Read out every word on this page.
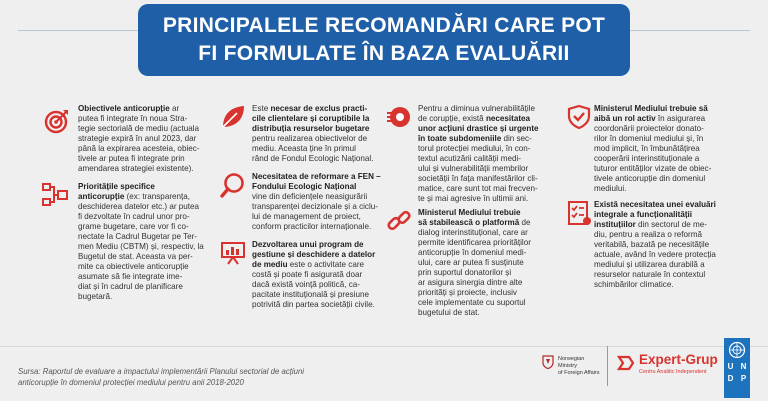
PRINCIPALELE RECOMANDĂRI CARE POT
FI FORMULATE ÎN BAZA EVALUĂRII
Obiectivele anticorupție ar
putea fi integrate în noua Stra-
tegie sectorială de mediu (actuala
strategie expiră în anul 2023, dar
până la expirarea acesteia, obiec-
tivele ar putea fi integrate prin
amendarea strategiei existente).
Prioritățile specifice
anticorupție (ex: transparența,
deschiderea datelor etc.) ar putea
fi dezvoltate în cadrul unor pro-
grame bugetare, care vor fi co-
nectate la Cadrul Bugetar pe Ter-
men Mediu (CBTM) și, respectiv, la
Bugetul de stat. Aceasta va per-
mite ca obiectivele anticorupție
asumate să fie integrate ime-
diat și în cadrul de planificare
bugetară.
Este necesar de exclus practi-
cile clientelare și coruptibile la
distribuția resurselor bugetare
pentru realizarea obiectivelor de
mediu. Aceasta ține în primul
rând de Fondul Ecologic Național.
Necesitatea de reformare a FEN –
Fondului Ecologic Național
vine din deficiențele neasigurării
transparenței decizionale și a ciclu-
lui de management de proiect,
conform practicilor internaționale.
Dezvoltarea unui program de
gestiune și deschidere a datelor
de mediu este o activitate care
costă și poate fi asigurată doar
dacă există voință politică, ca-
pacitate instituțională și presiune
potrivită din partea societății civile.
Pentru a diminua vulnerabilitățile
de corupție, există necesitatea
unor acțiuni drastice și urgente
în toate subdomeniile din sec-
torul protecției mediului, în con-
textul acutizării calității medi-
ului și vulnerabilității membrilor
societății în fața manifestărilor cli-
matice, care sunt tot mai frecven-
te și mai agresive în ultimii ani.
Ministerul Mediului trebuie
să stabilească o platformă de
dialog interinstituțional, care ar
permite identificarea priorităților
anticorupție în domeniul medi-
ului, care ar putea fi susținute
prin suportul donatorilor și
ar asigura sinergia dintre alte
priorități și proiecte, inclusiv
cele implementate cu suportul
bugetului de stat.
Ministerul Mediului trebuie să
aibă un rol activ în asigurarea
coordonării proiectelor donato-
rilor în domeniul mediului și, în
mod implicit, în îmbunătățirea
cooperării interinstituționale a
tuturor entităților vizate de obiec-
tivele anticorupție din domeniul
mediului.
Există necesitatea unei evaluări
integrale a funcționalității
instituțiilor din sectorul de me-
diu, pentru a realiza o reformă
veritabilă, bazată pe necesitățile
actuale, având în vedere protecția
mediului și utilizarea durabilă a
resurselor naturale în contextul
schimbărilor climatice.
Sursa: Raportul de evaluare a impactului implementării Planului sectorial de acțiuni
anticorupție în domeniul protecției mediului pentru anii 2018-2020
Norwegian Ministry
of Foreign Affairs
Expert-Grup
Centru Analitic Independent
U N
D P
